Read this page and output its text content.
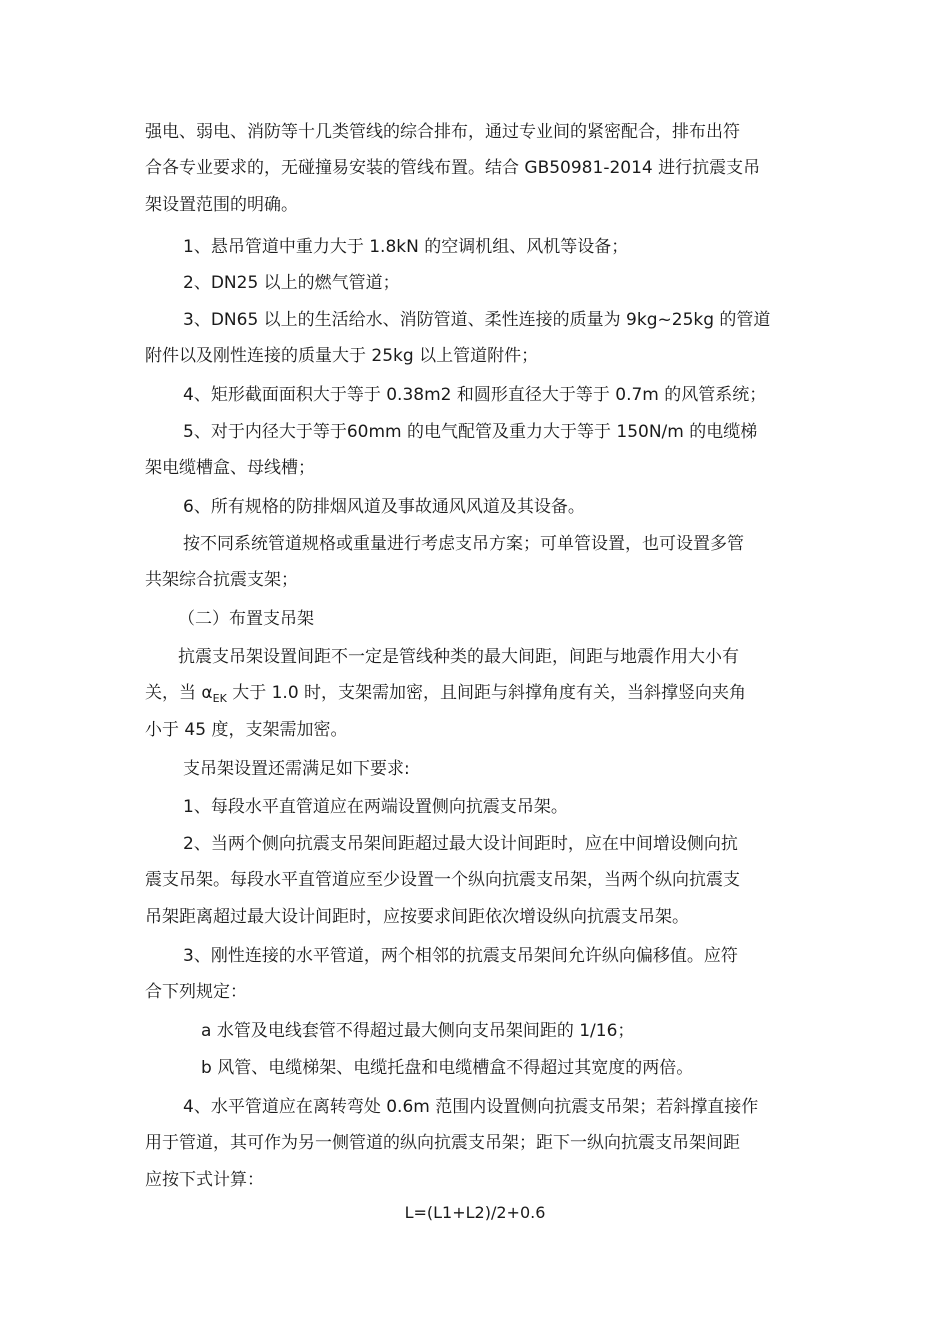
强电、弱电、消防等十几类管线的综合排布，通过专业间的紧密配合，排布出符

合各专业要求的，无碰撞易安装的管线布置。结合 GB50981-2014 进行抗震支吊

架设置范围的明确。

1、悬吊管道中重力大于 1.8kN 的空调机组、风机等设备；

2、DN25 以上的燃气管道；

3、DN65 以上的生活给水、消防管道、柔性连接的质量为 9kg~25kg 的管道

附件以及刚性连接的质量大于 25kg 以上管道附件；

4、矩形截面面积大于等于 0.38m2 和圆形直径大于等于 0.7m 的风管系统；

5、对于内径大于等于60mm 的电气配管及重力大于等于 150N/m 的电缆梯

架电缆槽盒、母线槽；

6、所有规格的防排烟风道及事故通风风道及其设备。

按不同系统管道规格或重量进行考虑支吊方案；可单管设置，也可设置多管

共架综合抗震支架；

（二）布置支吊架

抗震支吊架设置间距不一定是管线种类的最大间距，间距与地震作用大小有

关，当 $\alpha_{EK}$ 大于 1.0 时，支架需加密，且间距与斜撑角度有关，当斜撑竖向夹角

小于 45 度，支架需加密。

支吊架设置还需满足如下要求:

1、每段水平直管道应在两端设置侧向抗震支吊架。

2、当两个侧向抗震支吊架间距超过最大设计间距时，应在中间增设侧向抗

震支吊架。每段水平直管道应至少设置一个纵向抗震支吊架，当两个纵向抗震支

吊架距离超过最大设计间距时，应按要求间距依次增设纵向抗震支吊架。

3、刚性连接的水平管道，两个相邻的抗震支吊架间允许纵向偏移值。应符

合下列规定：

a 水管及电线套管不得超过最大侧向支吊架间距的 1/16；

b 风管、电缆梯架、电缆托盘和电缆槽盒不得超过其宽度的两倍。

4、水平管道应在离转弯处 0.6m 范围内设置侧向抗震支吊架；若斜撑直接作

用于管道，其可作为另一侧管道的纵向抗震支吊架；距下一纵向抗震支吊架间距

应按下式计算：

L=(L1+L2)/2+0.6
